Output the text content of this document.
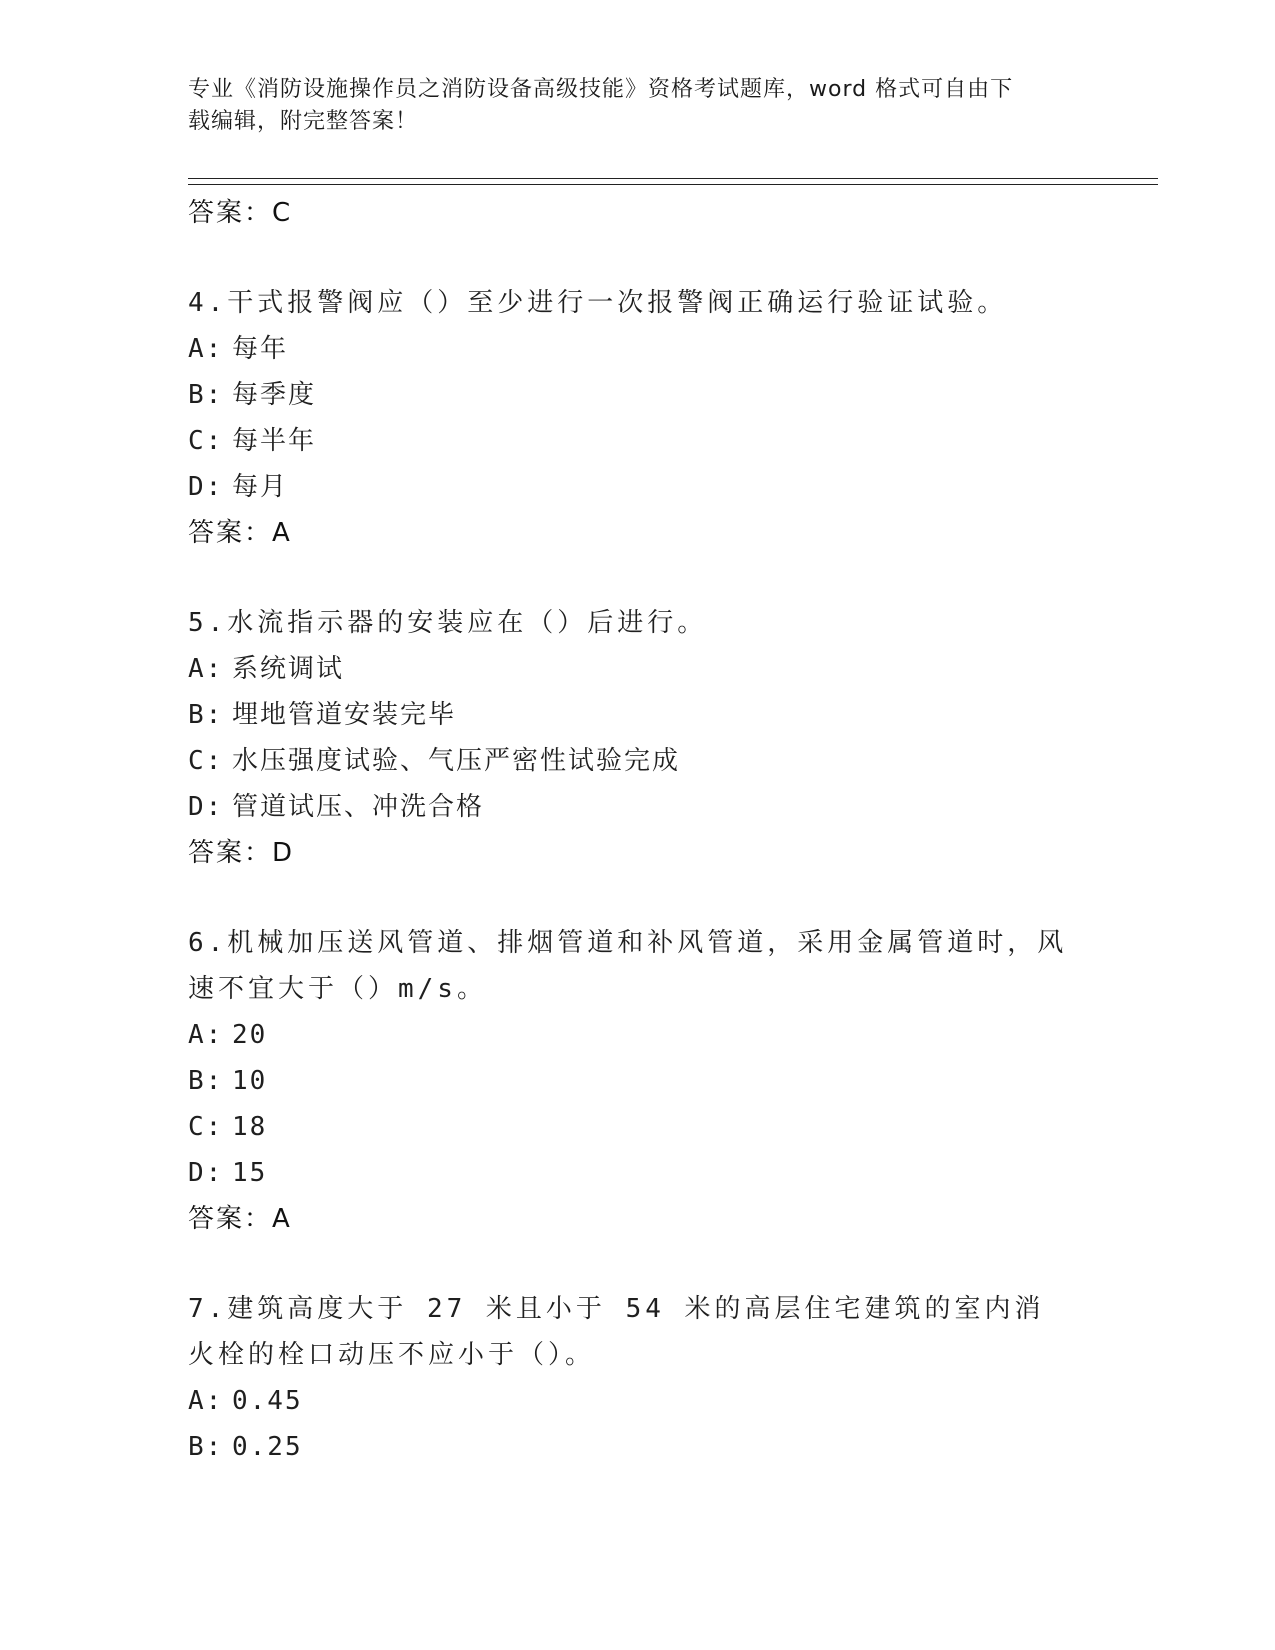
专业《消防设施操作员之消防设备高级技能》资格考试题库，word 格式可自由下
载编辑，附完整答案！
答案：C
4.干式报警阀应（）至少进行一次报警阀正确运行验证试验。
A: 每年
B: 每季度
C: 每半年
D: 每月
答案：A
5.水流指示器的安装应在（）后进行。
A: 系统调试
B: 埋地管道安装完毕
C: 水压强度试验、气压严密性试验完成
D: 管道试压、冲洗合格
答案：D
6.机械加压送风管道、排烟管道和补风管道，采用金属管道时，风速不宜大于（）m/s。
A: 20
B: 10
C: 18
D: 15
答案：A
7.建筑高度大于 27 米且小于 54 米的高层住宅建筑的室内消火栓的栓口动压不应小于（）。
A: 0.45
B: 0.25
